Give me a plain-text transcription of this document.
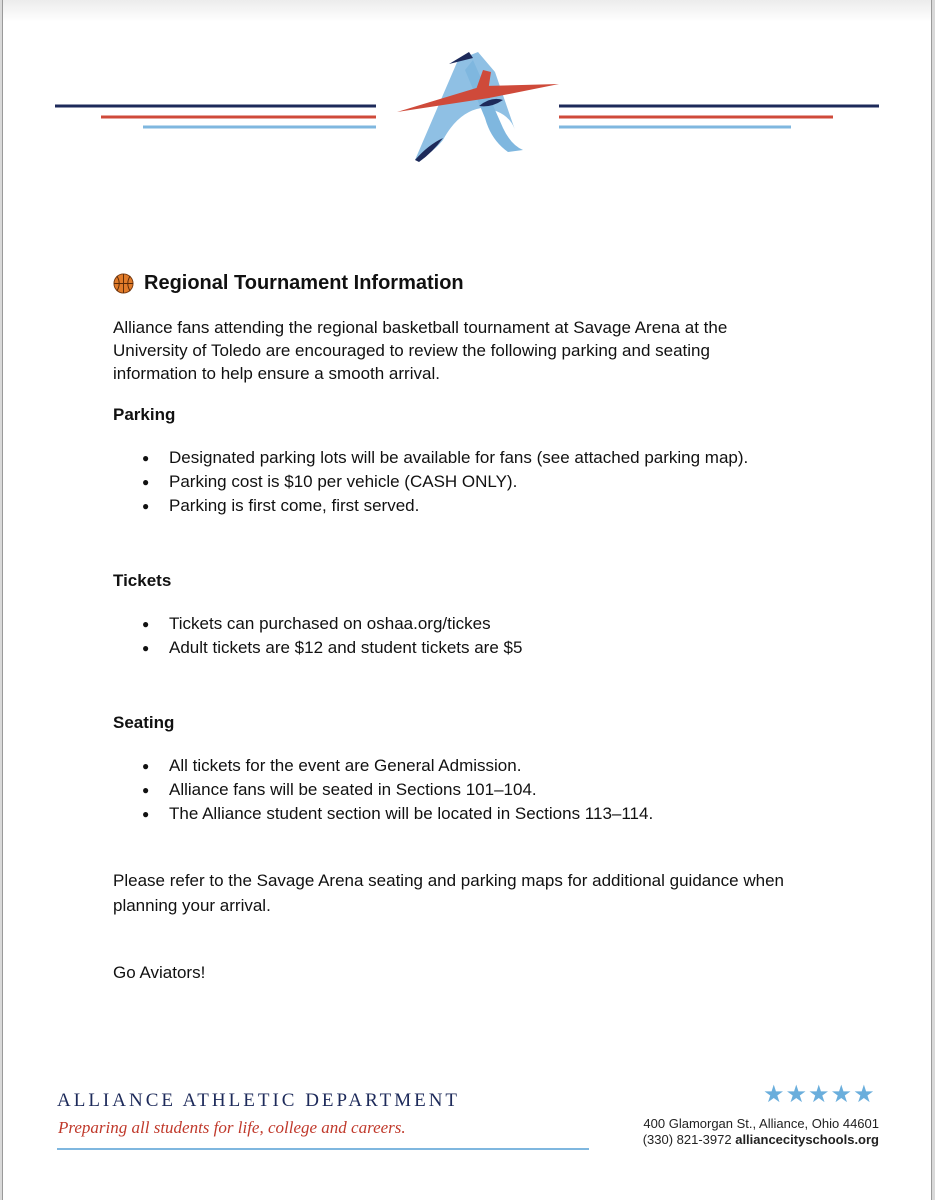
Regional Tournament Information
Alliance fans attending the regional basketball tournament at Savage Arena at the University of Toledo are encouraged to review the following parking and seating information to help ensure a smooth arrival.
Parking
●	Designated parking lots will be available for fans (see attached parking map).
●	Parking cost is $10 per vehicle (CASH ONLY).
●	Parking is first come, first served.
Tickets
●	Tickets can purchased on oshaa.org/tickes
●	Adult tickets are $12 and student tickets are $5
Seating
●	All tickets for the event are General Admission.
●	Alliance fans will be seated in Sections 101–104.
●	The Alliance student section will be located in Sections 113–114.
Please refer to the Savage Arena seating and parking maps for additional guidance when planning your arrival.
Go Aviators!
ALLIANCE ATHLETIC DEPARTMENT
Preparing all students for life, college and careers.
★★★★★
400 Glamorgan St., Alliance, Ohio 44601
(330) 821-3972 alliancecityschools.org
